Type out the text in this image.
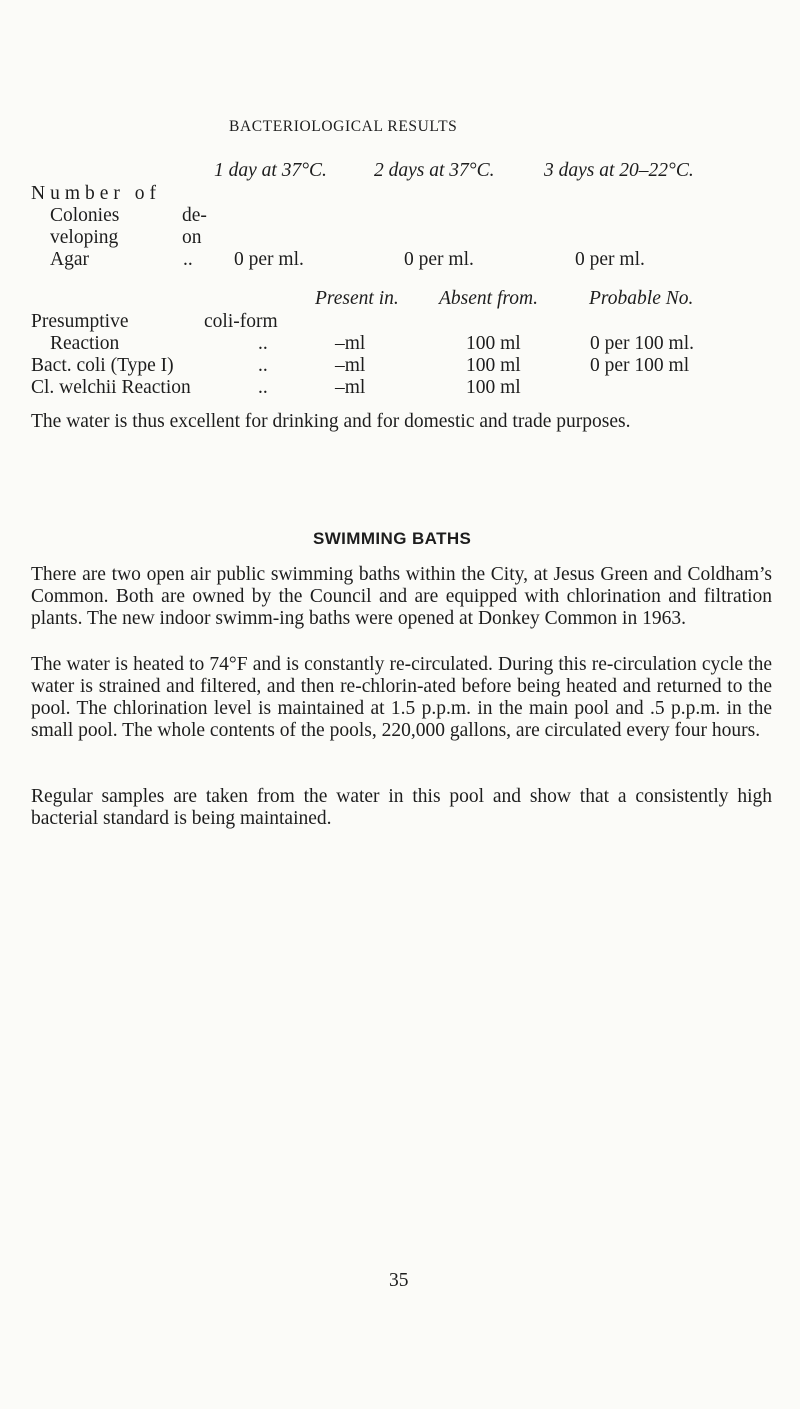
BACTERIOLOGICAL RESULTS
1 day at 37°C. 2 days at 37°C.	3 days at 20–22°C.
Number of
Colonies	de-
veloping	on
Agar	.. 0 per ml.	0 per ml.	0 per ml.
Present in. Absent from.	Probable No.
Presumptive	coli-form
Reaction	..	–ml	100 ml	0 per 100 ml.
Bact. coli (Type I)	..	–ml	100 ml	0 per 100 ml
Cl. welchii Reaction	..	–ml	100 ml

The water is thus excellent for drinking and for domestic and trade purposes.

SWIMMING BATHS

There are two open air public swimming baths within the City, at Jesus Green and Coldham’s Common. Both are owned by the Council and are equipped with chlorination and filtration plants. The new indoor swimm-ing baths were opened at Donkey Common in 1963.

The water is heated to 74°F and is constantly re-circulated. During this re-circulation cycle the water is strained and filtered, and then re-chlorin-ated before being heated and returned to the pool. The chlorination level is maintained at 1.5 p.p.m. in the main pool and .5 p.p.m. in the small pool. The whole contents of the pools, 220,000 gallons, are circulated every four hours.

Regular samples are taken from the water in this pool and show that a consistently high bacterial standard is being maintained.

35
